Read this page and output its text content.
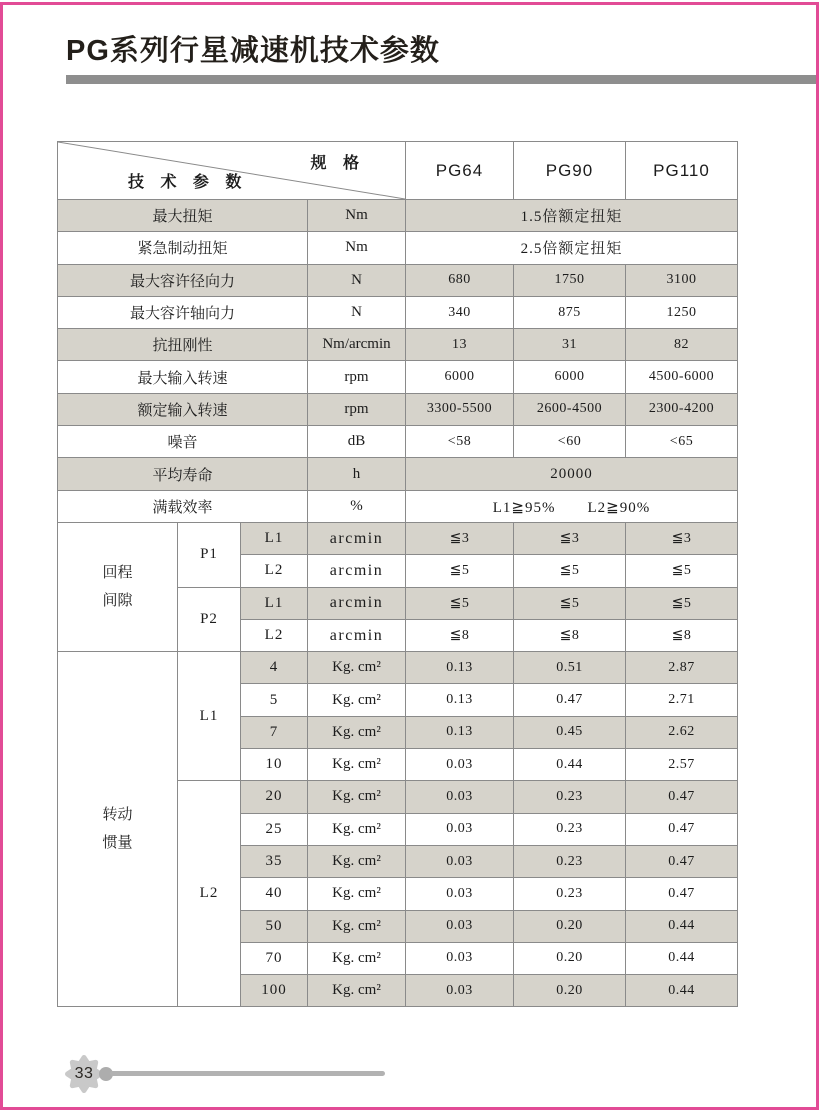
PG系列行星减速机技术参数
规 格
技 术 参 数				PG64	PG90	PG110
最大扭矩			Nm	1.5倍额定扭矩		
紧急制动扭矩			Nm	2.5倍额定扭矩		
最大容许径向力			N	680	1750	3100
最大容许轴向力			N	340	875	1250
抗扭刚性			Nm/arcmin	13	31	82
最大输入转速			rpm	6000	6000	4500-6000
额定输入转速			rpm	3300-5500	2600-4500	2300-4200
噪音			dB	<58	<60	<65
平均寿命			h	20000		
满载效率			%	L1≧95%　　L2≧90%		
回程
间隙	P1	L1	arcmin	≦3	≦3	≦3
		L2	arcmin	≦5	≦5	≦5
	P2	L1	arcmin	≦5	≦5	≦5
		L2	arcmin	≦8	≦8	≦8
转动
惯量	L1	4	Kg. cm²	0.13	0.51	2.87
		5	Kg. cm²	0.13	0.47	2.71
		7	Kg. cm²	0.13	0.45	2.62
		10	Kg. cm²	0.03	0.44	2.57
	L2	20	Kg. cm²	0.03	0.23	0.47
		25	Kg. cm²	0.03	0.23	0.47
		35	Kg. cm²	0.03	0.23	0.47
		40	Kg. cm²	0.03	0.23	0.47
		50	Kg. cm²	0.03	0.20	0.44
		70	Kg. cm²	0.03	0.20	0.44
		100	Kg. cm²	0.03	0.20	0.44
33
